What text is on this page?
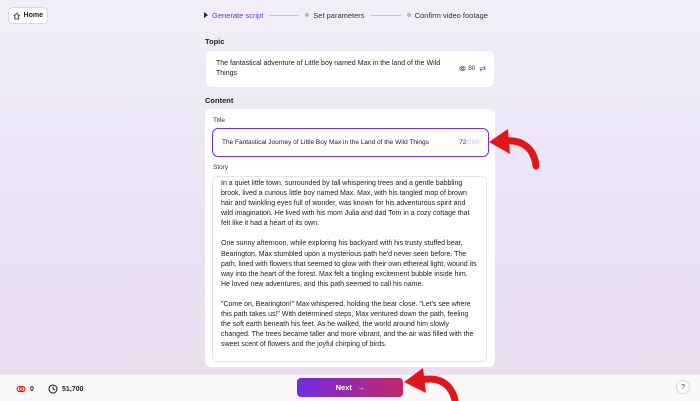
Home	Generate script	Set parameters	Confirm video footage
Topic
The fantastical adventure of Little boy named Max in the land of the Wild Things
80 ⇄
Content
Title
The Fantastical Journey of Little Boy Max in the Land of the Wild Things	72 /200
Story

In a quiet little town, surrounded by tall whispering trees and a gentle babbling brook, lived a curious little boy named Max. Max, with his tangled mop of brown hair and twinkling eyes full of wonder, was known for his adventurous spirit and wild imagination. He lived with his mom Julia and dad Tom in a cozy cottage that felt like it had a heart of its own.

One sunny afternoon, while exploring his backyard with his trusty stuffed bear, Bearington, Max stumbled upon a mysterious path he'd never seen before. The path, lined with flowers that seemed to glow with their own ethereal light, wound its way into the heart of the forest. Max felt a tingling excitement bubble inside him. He loved new adventures, and this path seemed to call his name.

"Come on, Bearington!" Max whispered, holding the bear close. "Let's see where this path takes us!" With determined steps, Max ventured down the path, feeling the soft earth beneath his feet. As he walked, the world around him slowly changed. The trees became taller and more vibrant, and the air was filled with the sweet scent of flowers and the joyful chirping of birds.

0	51,700	Next →	?
